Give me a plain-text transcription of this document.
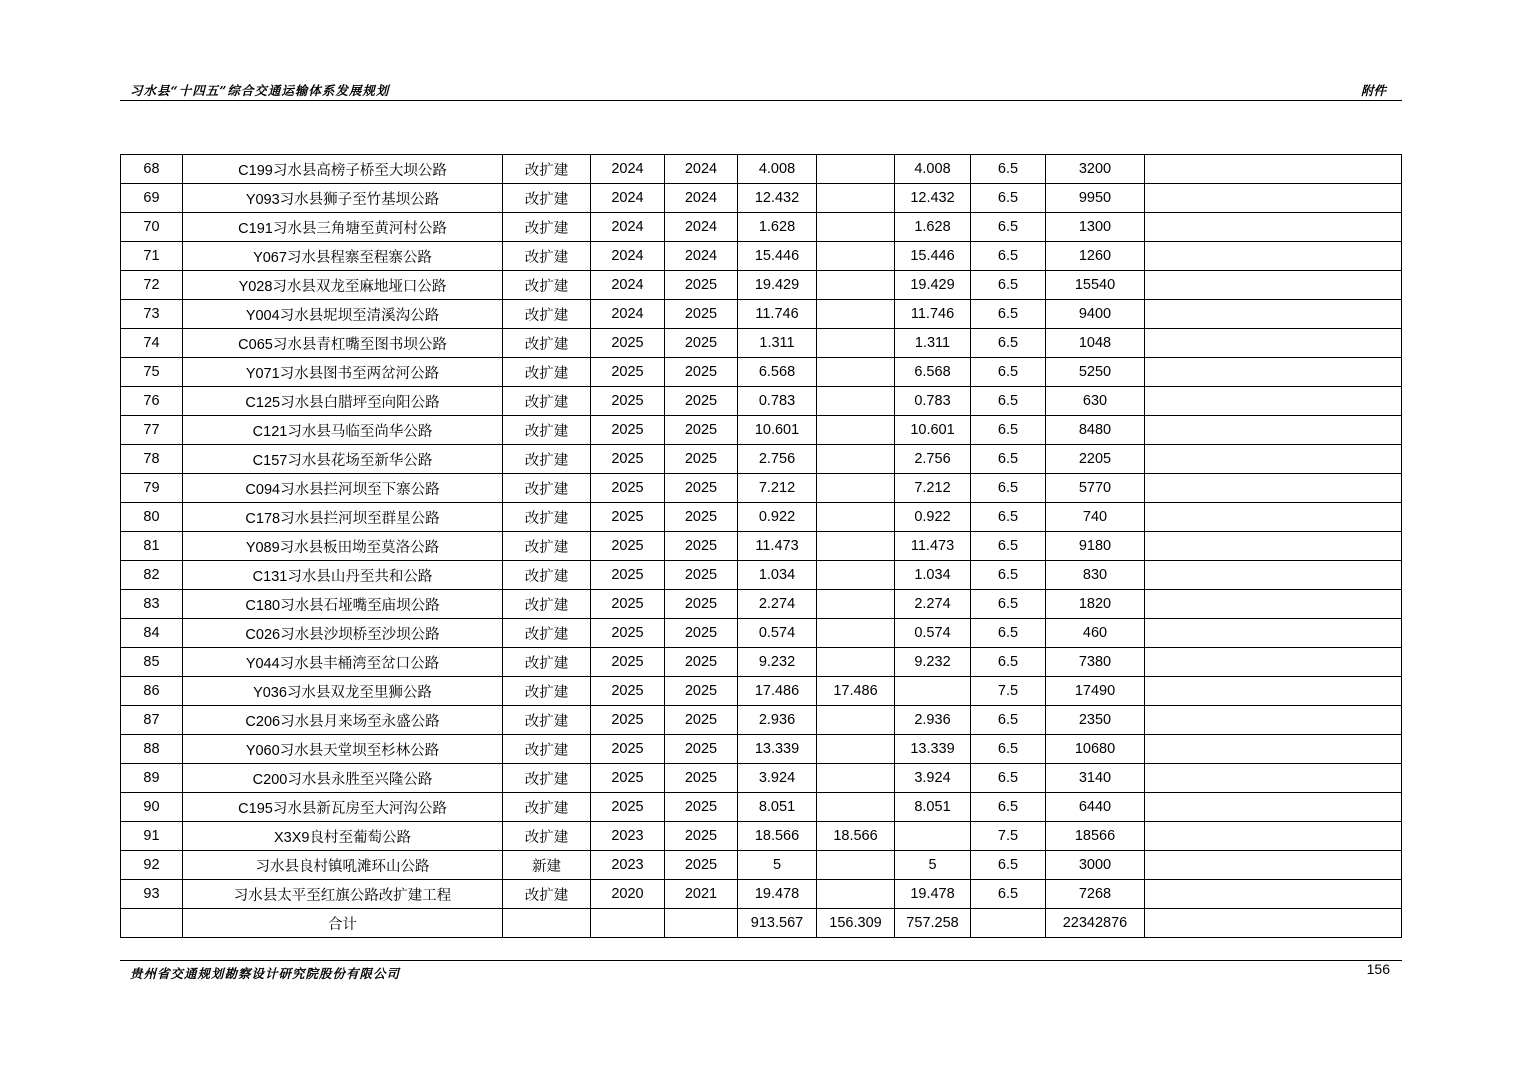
习水县“十四五”综合交通运输体系发展规划	附件
68	C199习水县高榜子桥至大坝公路	改扩建	2024	2024	4.008		4.008	6.5	3200	
69	Y093习水县狮子至竹基坝公路	改扩建	2024	2024	12.432		12.432	6.5	9950	
70	C191习水县三角塘至黄河村公路	改扩建	2024	2024	1.628		1.628	6.5	1300	
71	Y067习水县程寨至程寨公路	改扩建	2024	2024	15.446		15.446	6.5	1260	
72	Y028习水县双龙至麻地垭口公路	改扩建	2024	2025	19.429		19.429	6.5	15540	
73	Y004习水县坭坝至清溪沟公路	改扩建	2024	2025	11.746		11.746	6.5	9400	
74	C065习水县青杠嘴至图书坝公路	改扩建	2025	2025	1.311		1.311	6.5	1048	
75	Y071习水县图书至两岔河公路	改扩建	2025	2025	6.568		6.568	6.5	5250	
76	C125习水县白腊坪至向阳公路	改扩建	2025	2025	0.783		0.783	6.5	630	
77	C121习水县马临至尚华公路	改扩建	2025	2025	10.601		10.601	6.5	8480	
78	C157习水县花场至新华公路	改扩建	2025	2025	2.756		2.756	6.5	2205	
79	C094习水县拦河坝至下寨公路	改扩建	2025	2025	7.212		7.212	6.5	5770	
80	C178习水县拦河坝至群星公路	改扩建	2025	2025	0.922		0.922	6.5	740	
81	Y089习水县板田坳至莫洛公路	改扩建	2025	2025	11.473		11.473	6.5	9180	
82	C131习水县山丹至共和公路	改扩建	2025	2025	1.034		1.034	6.5	830	
83	C180习水县石垭嘴至庙坝公路	改扩建	2025	2025	2.274		2.274	6.5	1820	
84	C026习水县沙坝桥至沙坝公路	改扩建	2025	2025	0.574		0.574	6.5	460	
85	Y044习水县丰桶湾至岔口公路	改扩建	2025	2025	9.232		9.232	6.5	7380	
86	Y036习水县双龙至里狮公路	改扩建	2025	2025	17.486	17.486		7.5	17490	
87	C206习水县月来场至永盛公路	改扩建	2025	2025	2.936		2.936	6.5	2350	
88	Y060习水县天堂坝至杉林公路	改扩建	2025	2025	13.339		13.339	6.5	10680	
89	C200习水县永胜至兴隆公路	改扩建	2025	2025	3.924		3.924	6.5	3140	
90	C195习水县新瓦房至大河沟公路	改扩建	2025	2025	8.051		8.051	6.5	6440	
91	X3X9良村至葡萄公路	改扩建	2023	2025	18.566	18.566		7.5	18566	
92	习水县良村镇吼滩环山公路	新建	2023	2025	5		5	6.5	3000	
93	习水县太平至红旗公路改扩建工程	改扩建	2020	2021	19.478		19.478	6.5	7268	
	合计				913.567	156.309	757.258		22342876	
贵州省交通规划勘察设计研究院股份有限公司	156
